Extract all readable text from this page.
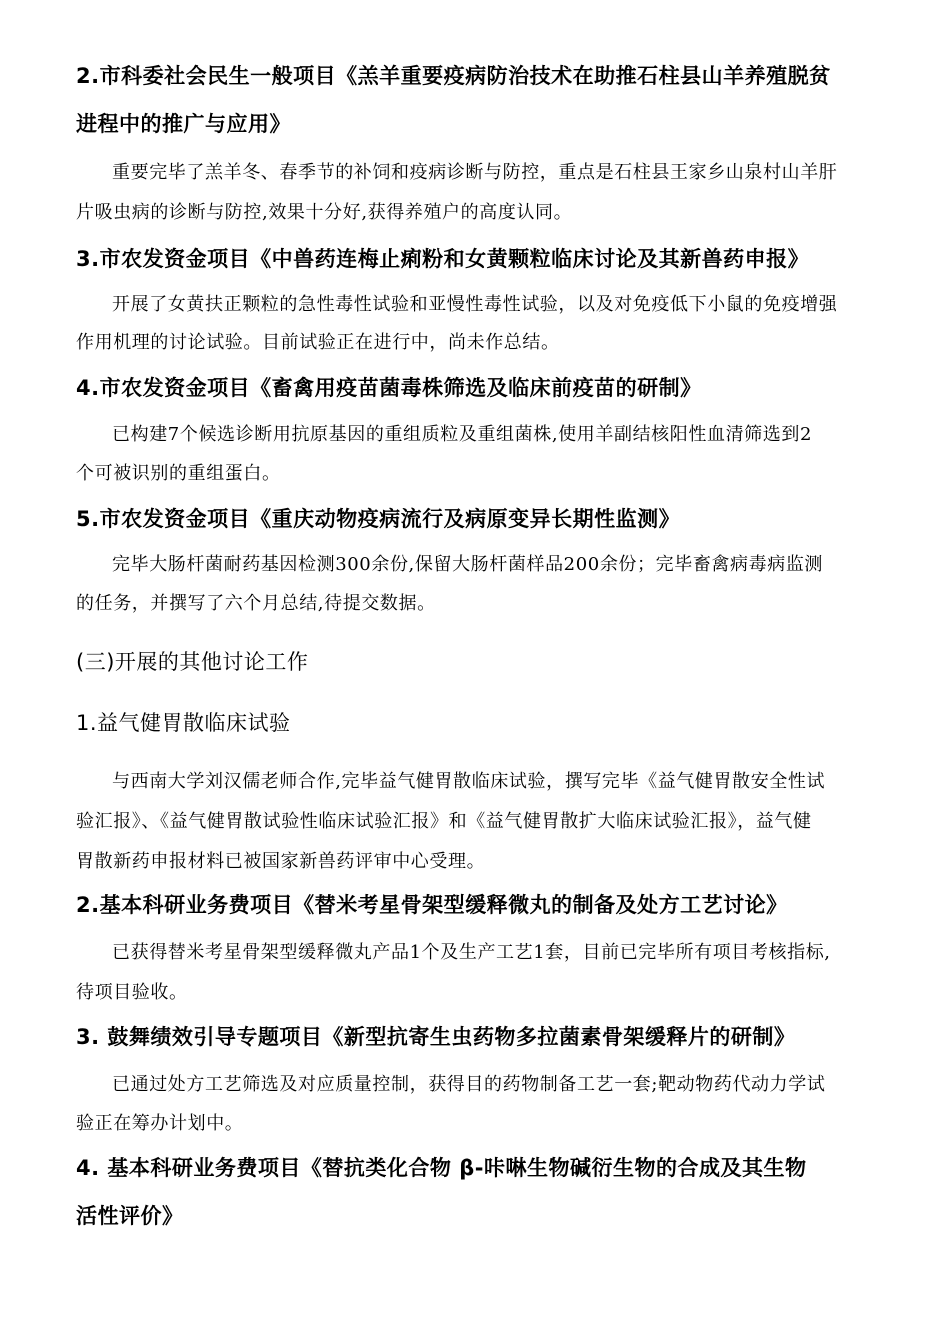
2.市科委社会民生一般项目《羔羊重要疫病防治技术在助推石柱县山羊养殖脱贫

进程中的推广与应用》

重要完毕了羔羊冬、春季节的补饲和疫病诊断与防控，重点是石柱县王家乡山泉村山羊肝

片吸虫病的诊断与防控,效果十分好,获得养殖户的高度认同。

3.市农发资金项目《中兽药连梅止痢粉和女黄颗粒临床讨论及其新兽药申报》

开展了女黄扶正颗粒的急性毒性试验和亚慢性毒性试验，以及对免疫低下小鼠的免疫增强

作用机理的讨论试验。目前试验正在进行中，尚未作总结。

4.市农发资金项目《畜禽用疫苗菌毒株筛选及临床前疫苗的研制》

已构建7个候选诊断用抗原基因的重组质粒及重组菌株,使用羊副结核阳性血清筛选到2

个可被识别的重组蛋白。

5.市农发资金项目《重庆动物疫病流行及病原变异长期性监测》

完毕大肠杆菌耐药基因检测300余份,保留大肠杆菌样品200余份；完毕畜禽病毒病监测

的任务，并撰写了六个月总结,待提交数据。

(三)开展的其他讨论工作

1.益气健胃散临床试验

与西南大学刘汉儒老师合作,完毕益气健胃散临床试验，撰写完毕《益气健胃散安全性试

验汇报》、《益气健胃散试验性临床试验汇报》和《益气健胃散扩大临床试验汇报》，益气健

胃散新药申报材料已被国家新兽药评审中心受理。

2.基本科研业务费项目《替米考星骨架型缓释微丸的制备及处方工艺讨论》

已获得替米考星骨架型缓释微丸产品1个及生产工艺1套，目前已完毕所有项目考核指标,

待项目验收。

3. 鼓舞绩效引导专题项目《新型抗寄生虫药物多拉菌素骨架缓释片的研制》

已通过处方工艺筛选及对应质量控制，获得目的药物制备工艺一套;靶动物药代动力学试

验正在筹办计划中。

4. 基本科研业务费项目《替抗类化合物 β-咔啉生物碱衍生物的合成及其生物

活性评价》
